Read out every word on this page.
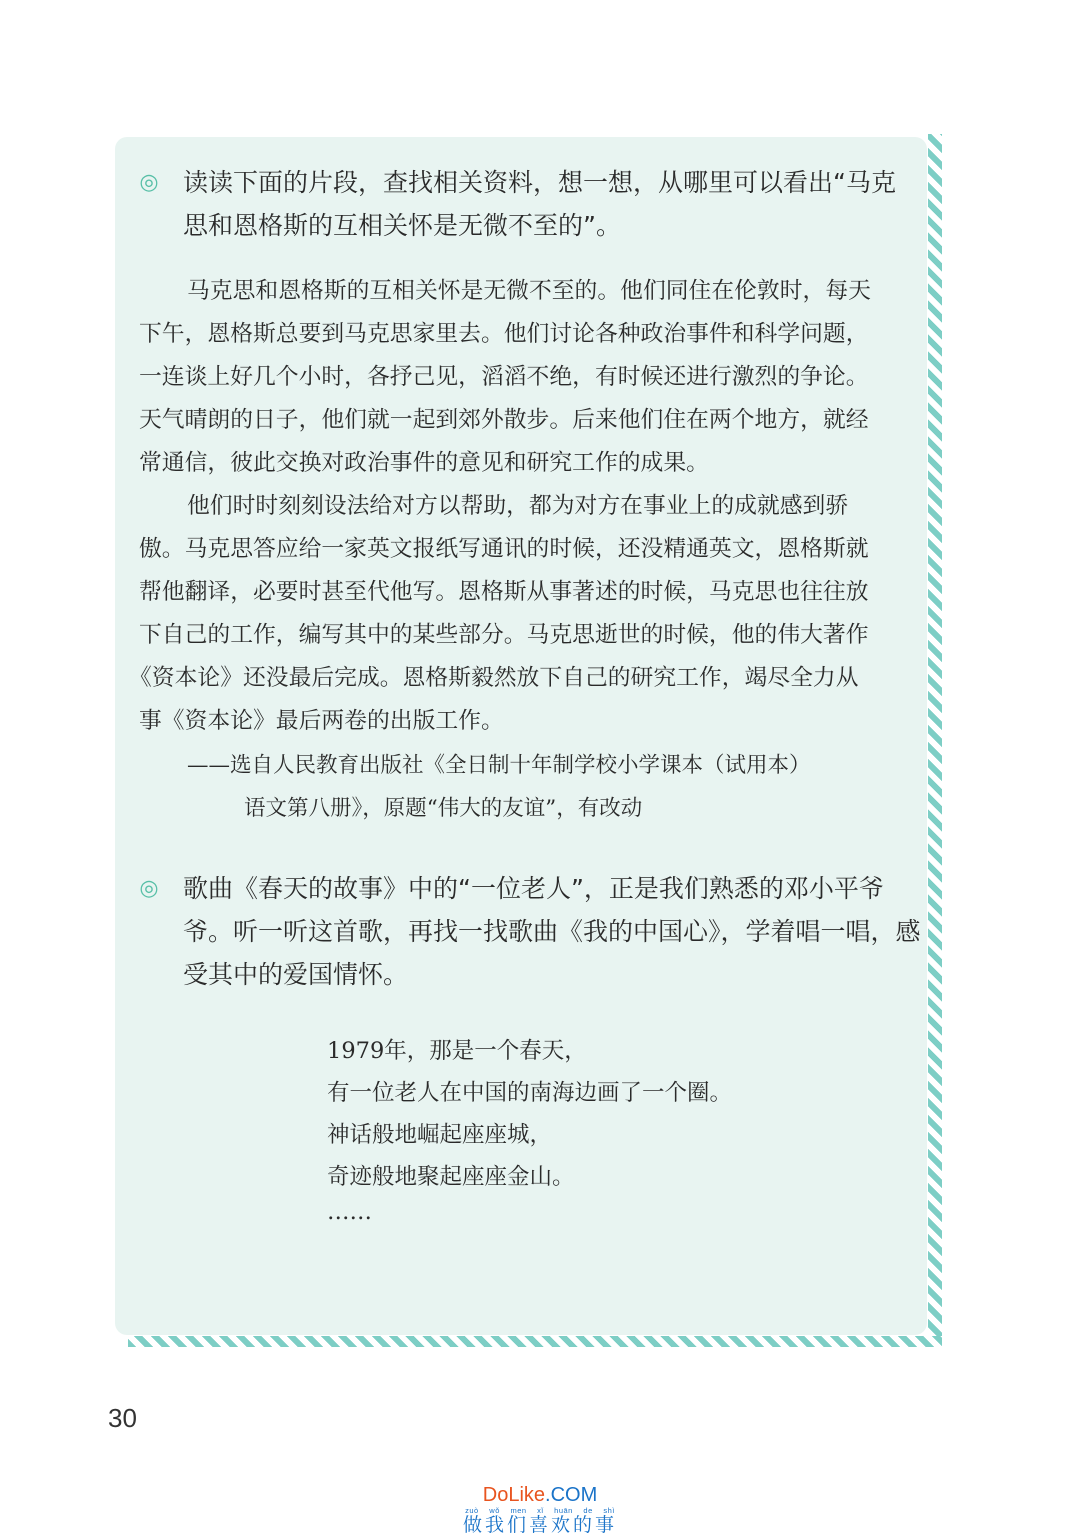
◎ 读读下面的片段，查找相关资料，想一想，从哪里可以看出“马克
思和恩格斯的互相关怀是无微不至的”。
马克思和恩格斯的互相关怀是无微不至的。他们同住在伦敦时，每天
下午，恩格斯总要到马克思家里去。他们讨论各种政治事件和科学问题，
一连谈上好几个小时，各抒己见，滔滔不绝，有时候还进行激烈的争论。
天气晴朗的日子，他们就一起到郊外散步。后来他们住在两个地方，就经
常通信，彼此交换对政治事件的意见和研究工作的成果。
他们时时刻刻设法给对方以帮助，都为对方在事业上的成就感到骄
傲。马克思答应给一家英文报纸写通讯的时候，还没精通英文，恩格斯就
帮他翻译，必要时甚至代他写。恩格斯从事著述的时候，马克思也往往放
下自己的工作，编写其中的某些部分。马克思逝世的时候，他的伟大著作
《资本论》还没最后完成。恩格斯毅然放下自己的研究工作，竭尽全力从
事《资本论》最后两卷的出版工作。
——选自人民教育出版社《全日制十年制学校小学课本（试用本）
语文第八册》，原题“伟大的友谊”，有改动
◎ 歌曲《春天的故事》中的“一位老人”，正是我们熟悉的邓小平爷
爷。听一听这首歌，再找一找歌曲《我的中国心》，学着唱一唱，感
受其中的爱国情怀。
1979年，那是一个春天，
有一位老人在中国的南海边画了一个圈。
神话般地崛起座座城，
奇迹般地聚起座座金山。
……
30
DoLike.COM
zuò wǒ men xǐ huān de shì
做我们喜欢的事
